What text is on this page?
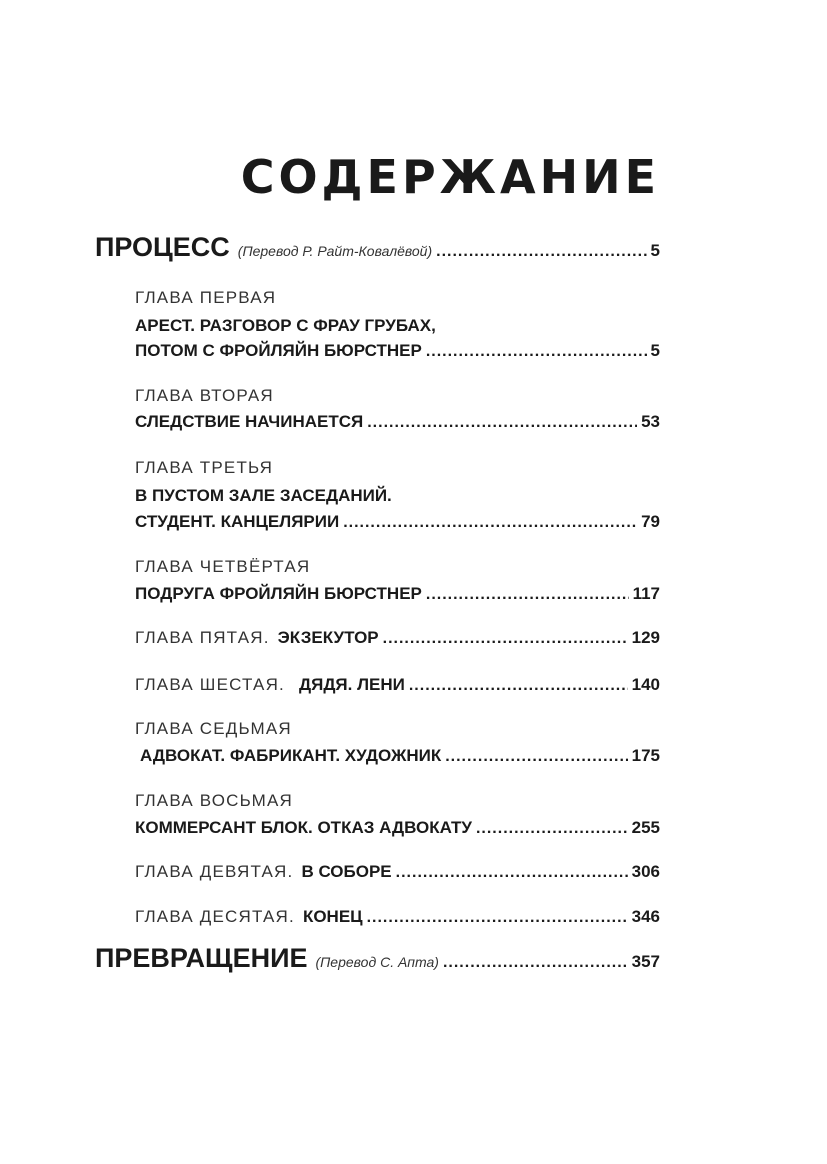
СОДЕРЖАНИЕ
ПРОЦЕСС (Перевод Р. Райт-Ковалёвой) .....	5
ГЛАВА ПЕРВАЯ
АРЕСТ. РАЗГОВОР С ФРАУ ГРУБАХ,
ПОТОМ С ФРОЙЛЯЙН БЮРСТНЕР .....	5
ГЛАВА ВТОРАЯ
СЛЕДСТВИЕ НАЧИНАЕТСЯ .....	53
ГЛАВА ТРЕТЬЯ
В ПУСТОМ ЗАЛЕ ЗАСЕДАНИЙ.
СТУДЕНТ. КАНЦЕЛЯРИИ .....	79
ГЛАВА ЧЕТВЁРТАЯ
ПОДРУГА ФРОЙЛЯЙН БЮРСТНЕР .....	117
ГЛАВА ПЯТАЯ. ЭКЗЕКУТОР .....	129
ГЛАВА ШЕСТАЯ. ДЯДЯ. ЛЕНИ .....	140
ГЛАВА СЕДЬМАЯ
АДВОКАТ. ФАБРИКАНТ. ХУДОЖНИК .....	175
ГЛАВА ВОСЬМАЯ
КОММЕРСАНТ БЛОК. ОТКАЗ АДВОКАТУ .....	255
ГЛАВА ДЕВЯТАЯ. В СОБОРЕ .....	306
ГЛАВА ДЕСЯТАЯ. КОНЕЦ .....	346
ПРЕВРАЩЕНИЕ (Перевод С. Апта) .....	357
